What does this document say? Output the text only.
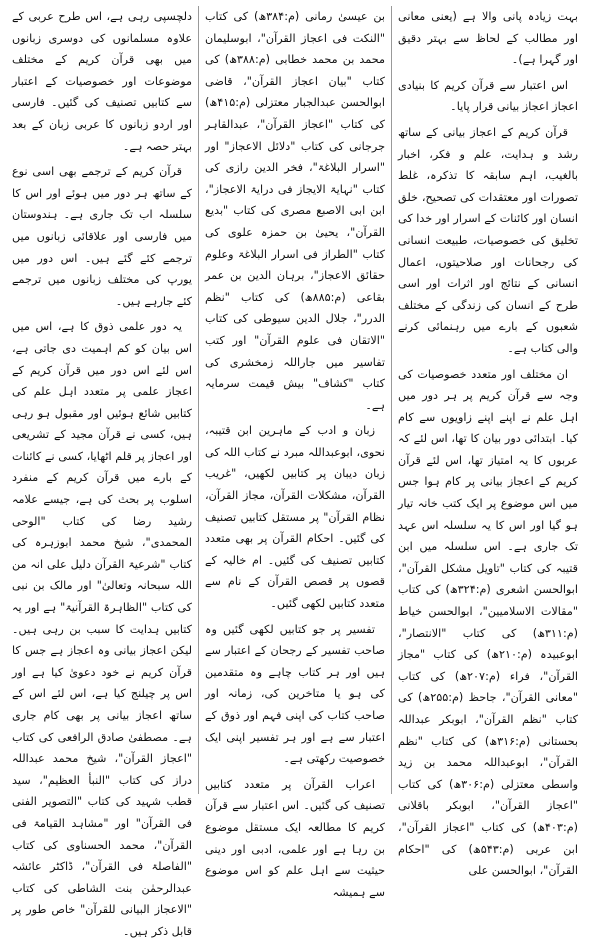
بہت زیادہ پانی والا ہے (یعنی معانی اور مطالب کے لحاظ سے بہتر دقیق اور گہرا ہے)۔

اس اعتبار سے قرآن کریم کا بنیادی اعجاز اعجاز بیانی قرار پایا۔

قرآن کریم کے اعجاز بیانی کے ساتھ رشد و ہدایت، علم و فکر، اخبار بالغیب، اہم سابقہ کا تذکرہ، غلط تصورات اور معتقدات کی تصحیح، خلق انسان اور کائنات کے اسرار اور خدا کی تخلیق کی خصوصیات، طبیعت انسانی کی رجحانات اور صلاحیتوں، اعمال انسانی کے نتائج اور اثرات اور اسی طرح کے انسان کی زندگی کے مختلف شعبوں کے بارے میں رہنمائی کرنے والی کتاب ہے۔

ان مختلف اور متعدد خصوصیات کی وجہ سے قرآن کریم پر ہر دور میں اہل علم نے اپنے اپنے زاویوں سے کام کیا۔ ابتدائی دور بیان کا تھا، اس لئے کہ عربوں کا یہ امتیاز تھا، اس لئے قرآن کریم کے اعجاز بیانی پر کام ہوا جس میں اس موضوع پر ایک کتب خانہ تیار ہو گیا اور اس کا یہ سلسلہ اس عہد تک جاری ہے۔ اس سلسلہ میں ابن قتیبہ کی کتاب "تاویل مشکل القرآن"، ابوالحسن اشعری (م:۳۲۴ھ) کی کتاب "مقالات الاسلامیین"، ابوالحسن خیاط (م:۳۱۱ھ) کی کتاب "الانتصار"، ابوعبیدہ (م:۲۱۰ھ) کی کتاب "مجاز القرآن"، فراء (م:۲۰۷ھ) کی کتاب "معانی القرآن"، جاحظ (م:۲۵۵ھ) کی کتاب "نظم القرآن"، ابوبکر عبداللہ بحستانی (م:۳۱۶ھ) کی کتاب "نظم القرآن"، ابوعبداللہ محمد بن زید واسطی معتزلی (م:۳۰۶ھ) کی کتاب "اعجاز القرآن"، ابوبکر باقلانی (م:۴۰۳ھ) کی کتاب "اعجاز القرآن"، ابن عربی (م:۵۴۳ھ) کی "احکام القرآن"، ابوالحسن علی

بن عیسیٰ رمانی (م:۳۸۴ھ) کی کتاب "النکت فی اعجاز القرآن"، ابوسلیمان محمد بن محمد خطابی (م:۳۸۸ھ) کی کتاب "بیان اعجاز القرآن"، قاضی ابوالحسن عبدالجبار معتزلی (م:۴۱۵ھ) کی کتاب "اعجاز القرآن"، عبدالقاہر جرجانی کی کتاب "دلائل الاعجاز" اور "اسرار البلاغۃ"، فخر الدین رازی کی کتاب "نہایۃ الایجاز فی درایۃ الاعجاز"، ابن ابی الاصبع مصری کی کتاب "بدیع القرآن"، یحییٰ بن حمزہ علوی کی کتاب "الطراز فی اسرار البلاغۃ وعلوم حقائق الاعجاز"، برہان الدین بن عمر بقاعی (م:۸۸۵ھ) کی کتاب "نظم الدرر"، جلال الدین سیوطی کی کتاب "الاتقان فی علوم القرآن" اور کتب تفاسیر میں جاراللہ زمخشری کی کتاب "کشاف" بیش قیمت سرمایہ ہے۔

زبان و ادب کے ماہرین ابن قتیبہ، نحوی، ابوعبداللہ مبرد نے کتاب اللہ کی زبان دیبان پر کتابیں لکھیں، "غریب القرآن، مشکلات القرآن، مجاز القرآن، نظام القرآن" پر مستقل کتابیں تصنیف کی گئیں۔ احکام القرآن پر بھی متعدد کتابیں تصنیف کی گئیں۔ ام خالیہ کے قصوں پر قصص القرآن کے نام سے متعدد کتابیں لکھی گئیں۔

تفسیر پر جو کتابیں لکھی گئیں وہ صاحب تفسیر کے رجحان کے اعتبار سے ہیں اور ہر کتاب چاہے وہ متقدمین کی ہو یا متاخرین کی، زمانہ اور صاحب کتاب کی اپنی فہم اور ذوق کے اعتبار سے ہے اور ہر تفسیر اپنی ایک خصوصیت رکھتی ہے۔

اعراب القرآن پر متعدد کتابیں تصنیف کی گئیں۔ اس اعتبار سے قرآن کریم کا مطالعہ ایک مستقل موضوع بن رہا ہے اور علمی، ادبی اور دینی حیثیت سے اہل علم کو اس موضوع سے ہمیشہ

دلچسپی رہی ہے، اس طرح عربی کے علاوہ مسلمانوں کی دوسری زبانوں میں بھی قرآن کریم کے مختلف موضوعات اور خصوصیات کے اعتبار سے کتابیں تصنیف کی گئیں۔ فارسی اور اردو زبانوں کا عربی زبان کے بعد بہتر حصہ ہے۔

قرآن کریم کے ترجمے بھی اسی نوع کے ساتھ ہر دور میں ہوئے اور اس کا سلسلہ اب تک جاری ہے۔ ہندوستان میں فارسی اور علاقائی زبانوں میں ترجمے کئے گئے ہیں۔ اس دور میں یورپ کی مختلف زبانوں میں ترجمے کئے جارہے ہیں۔

یہ دور علمی ذوق کا ہے، اس میں اس بیان کو کم اہمیت دی جاتی ہے، اس لئے اس دور میں قرآن کریم کے اعجاز علمی پر متعدد اہل علم کی کتابیں شائع ہوئیں اور مقبول ہو رہی ہیں، کسی نے قرآن مجید کے تشریعی اور اعجاز پر قلم اٹھایا، کسی نے کائنات کے بارے میں قرآن کریم کے منفرد اسلوب پر بحث کی ہے، جیسے علامہ رشید رضا کی کتاب "الوحی المحمدی"، شیخ محمد ابوزہرہ کی کتاب "شرعیۃ القرآن دلیل علی انہ من اللہ سبحانہ وتعالیٰ" اور مالک بن نبی کی کتاب "الظاہرۃ القرآنیۃ" ہے اور یہ کتابیں ہدایت کا سبب بن رہی ہیں۔ لیکن اعجاز بیانی وہ اعجاز ہے جس کا قرآن کریم نے خود دعویٰ کیا ہے اور اس پر چیلنج کیا ہے، اس لئے اس کے ساتھ اعجاز بیانی پر بھی کام جاری ہے۔ مصطفیٰ صادق الرافعی کی کتاب "اعجاز القرآن"، شیخ محمد عبداللہ دراز کی کتاب "النبأ العظیم"، سید قطب شہید کی کتاب "التصویر الفنی فی القرآن" اور "مشاہد القیامۃ فی القرآن"، محمد الحسناوی کی کتاب "الفاصلۃ فی القرآن"، ڈاکٹر عائشہ عبدالرحمٰن بنت الشاطی کی کتاب "الاعجاز البیانی للقرآن" خاص طور پر قابل ذکر ہیں۔
